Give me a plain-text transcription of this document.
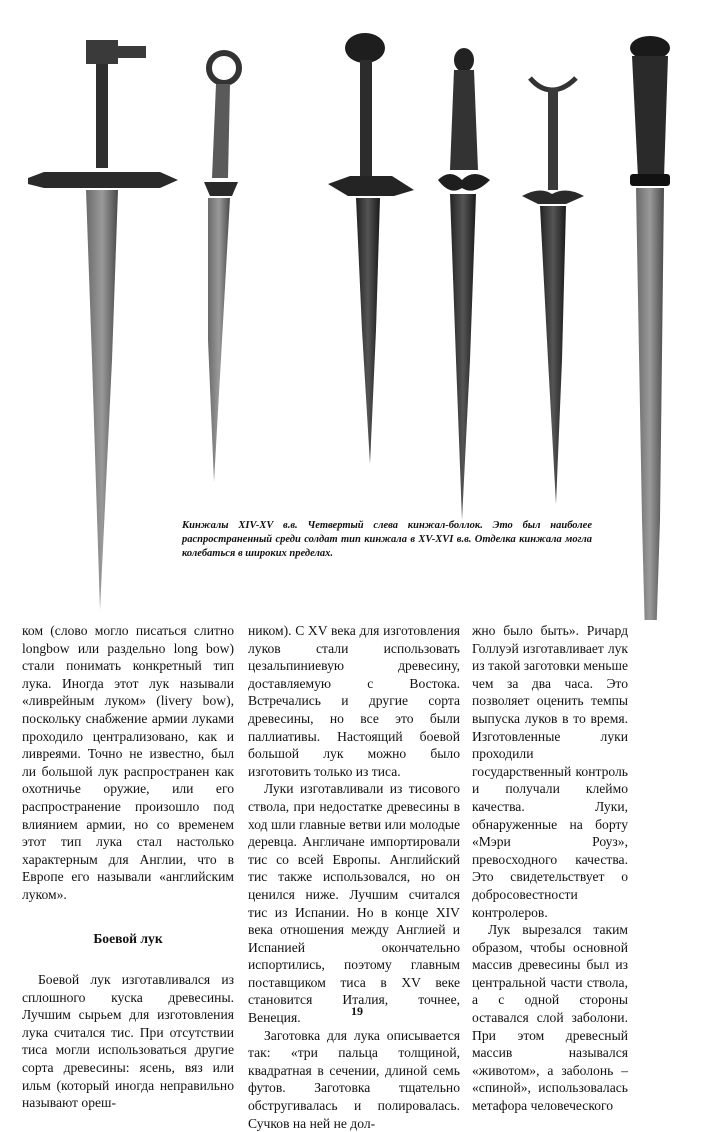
Кинжалы XIV-XV в.в. Четвертый слева кинжал-боллок. Это был наиболее распространенный среди солдат тип кинжала в XV-XVI в.в. Отделка кинжала могла колебаться в широких пределах.

ком (слово могло писаться слитно longbow или раздельно long bow) стали понимать конкретный тип лука. Иногда этот лук называли «ливрейным луком» (livery bow), поскольку снабжение армии луками проходило централизовано, как и ливреями. Точно не известно, был ли большой лук распространен как охотничье оружие, или его распространение произошло под влиянием армии, но со временем этот тип лука стал настолько характерным для Англии, что в Европе его называли «английским луком».

Боевой лук

Боевой лук изготавливался из сплошного куска древесины. Лучшим сырьем для изготовления лука считался тис. При отсутствии тиса могли использоваться другие сорта древесины: ясень, вяз или ильм (который иногда неправильно называют ореш-

ником). С XV века для изготовления луков стали использовать цезальпиниевую древесину, доставляемую с Востока. Встречались и другие сорта древесины, но все это были паллиативы. Настоящий боевой большой лук можно было изготовить только из тиса.

Луки изготавливали из тисового ствола, при недостатке древесины в ход шли главные ветви или молодые деревца. Англичане импортировали тис со всей Европы. Английский тис также использовался, но он ценился ниже. Лучшим считался тис из Испании. Но в конце XIV века отношения между Англией и Испанией окончательно испортились, поэтому главным поставщиком тиса в XV веке становится Италия, точнее, Венеция.

Заготовка для лука описывается так: «три пальца толщиной, квадратная в сечении, длиной семь футов. Заготовка тщательно обстругивалась и полировалась. Сучков на ней не дол-

жно было быть». Ричард Голлуэй изготавливает лук из такой заготовки меньше чем за два часа. Это позволяет оценить темпы выпуска луков в то время. Изготовленные луки проходили государственный контроль и получали клеймо качества. Луки, обнаруженные на борту «Мэри Роуз», превосходного качества. Это свидетельствует о добросовестности контролеров.

Лук вырезался таким образом, чтобы основной массив древесины был из центральной части ствола, а с одной стороны оставался слой заболони. При этом древесный массив назывался «животом», а заболонь – «спиной», использовалась метафора человеческого

19
